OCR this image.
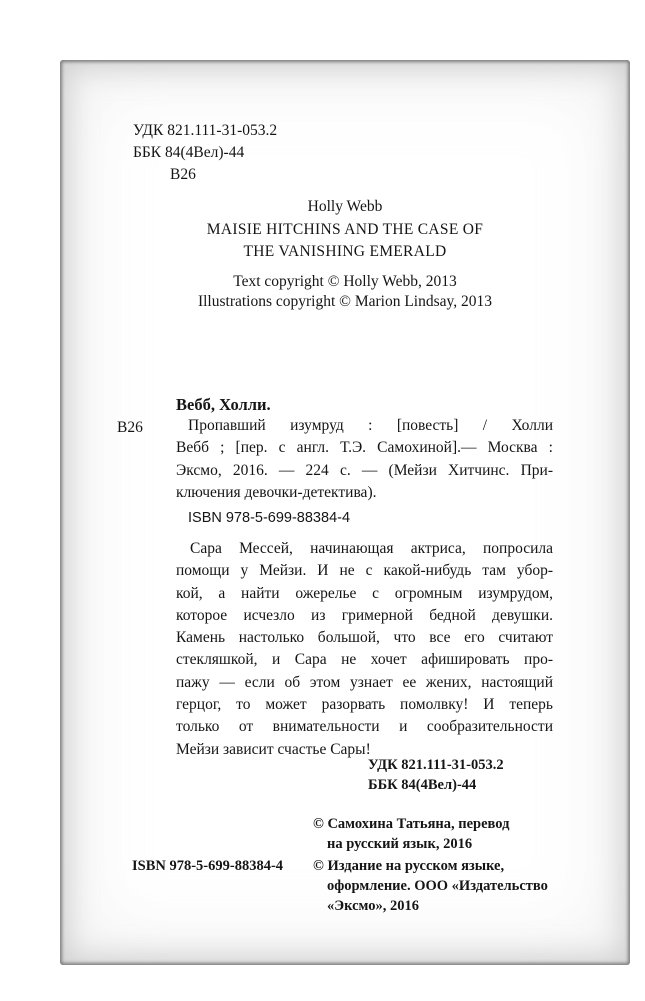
УДК 821.111-31-053.2
ББК 84(4Вел)-44
В26
Holly Webb
MAISIE HITCHINS AND THE CASE OF
THE VANISHING EMERALD
Text copyright © Holly Webb, 2013
Illustrations copyright © Marion Lindsay, 2013
Вебб, Холли.
В26	Пропавший изумруд : [повесть] / Холли
Вебб ; [пер. с англ. Т.Э. Самохиной].— Москва :
Эксмо, 2016. — 224 с. — (Мейзи Хитчинс. При-
ключения девочки-детектива).
ISBN 978-5-699-88384-4
Сара Мессей, начинающая актриса, попросила
помощи у Мейзи. И не с какой-нибудь там убор-
кой, а найти ожерелье с огромным изумрудом,
которое исчезло из гримерной бедной девушки.
Камень настолько большой, что все его считают
стекляшкой, и Сара не хочет афишировать про-
пажу — если об этом узнает ее жених, настоящий
герцог, то может разорвать помолвку! И теперь
только от внимательности и сообразительности
Мейзи зависит счастье Сары!
УДК 821.111-31-053.2
ББК 84(4Вел)-44
© Самохина Татьяна, перевод
на русский язык, 2016
© Издание на русском языке,
оформление. ООО «Издательство
«Эксмо», 2016
ISBN 978-5-699-88384-4
